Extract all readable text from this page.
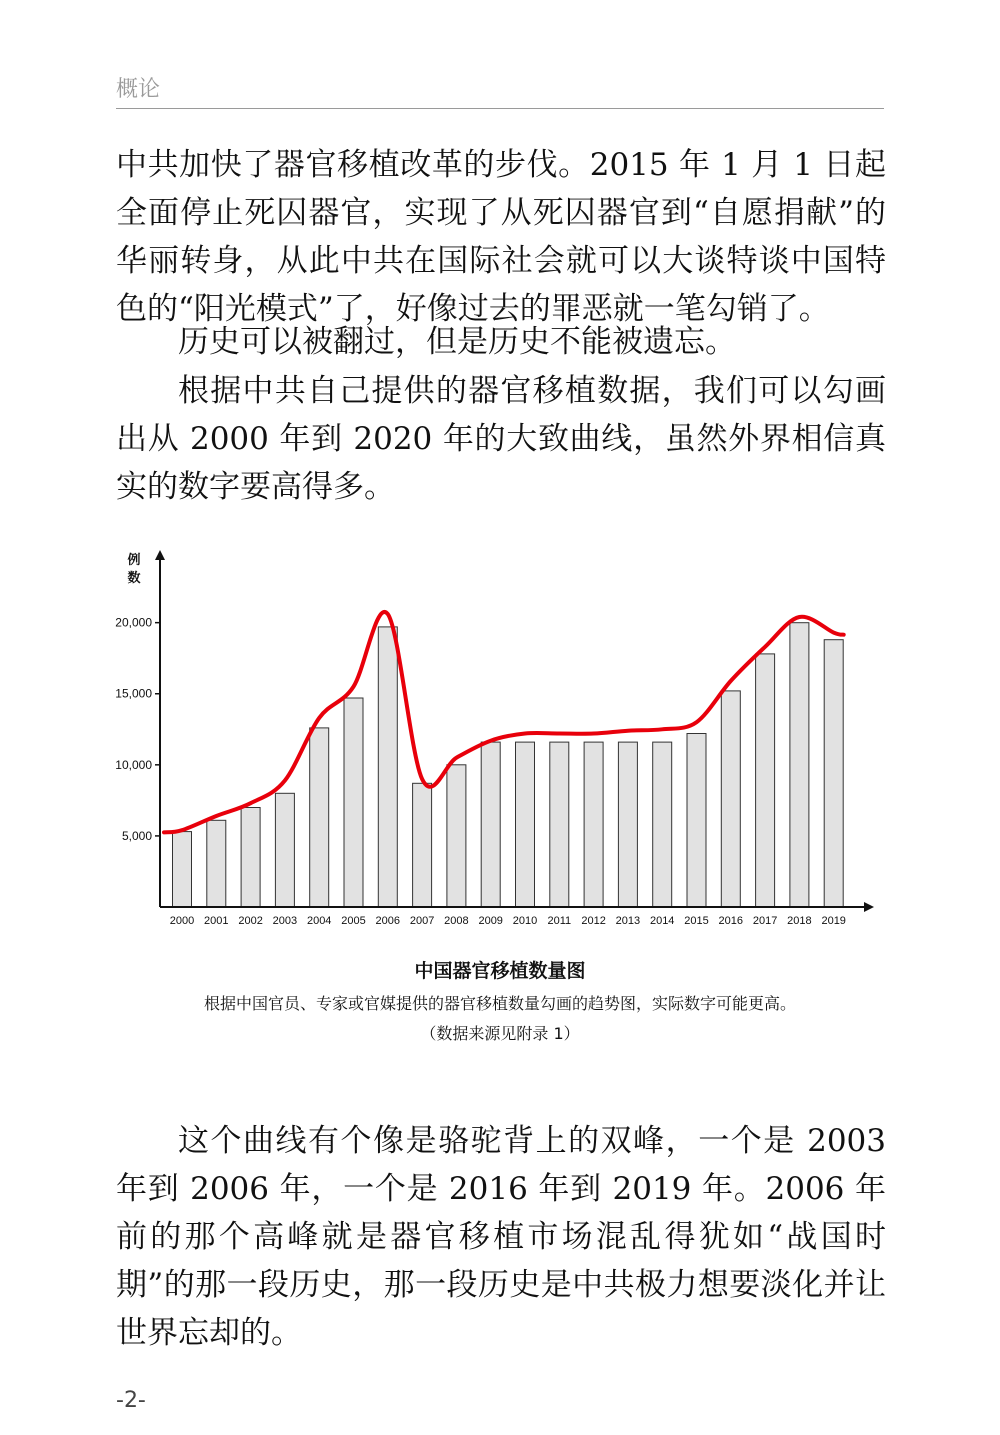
概论

中共加快了器官移植改革的步伐。2015 年 1 月 1 日起全面停止死囚器官，实现了从死囚器官到“自愿捐献”的华丽转身，从此中共在国际社会就可以大谈特谈中国特色的“阳光模式”了，好像过去的罪恶就一笔勾销了。

历史可以被翻过，但是历史不能被遗忘。

根据中共自己提供的器官移植数据，我们可以勾画出从 2000 年到 2020 年的大致曲线，虽然外界相信真实的数字要高得多。

5,000
10,000
15,000
20,000
例
数
2000 2001 2002 2003 2004 2005 2006 2007 2008 2009 2010 2011 2012 2013 2014 2015 2016 2017 2018 2019
中国器官移植数量图
根据中国官员、专家或官媒提供的器官移植数量勾画的趋势图，实际数字可能更高。
（数据来源见附录 1）

这个曲线有个像是骆驼背上的双峰，一个是 2003 年到 2006 年，一个是 2016 年到 2019 年。2006 年前的那个高峰就是器官移植市场混乱得犹如“战国时期”的那一段历史，那一段历史是中共极力想要淡化并让世界忘却的。

-2-
